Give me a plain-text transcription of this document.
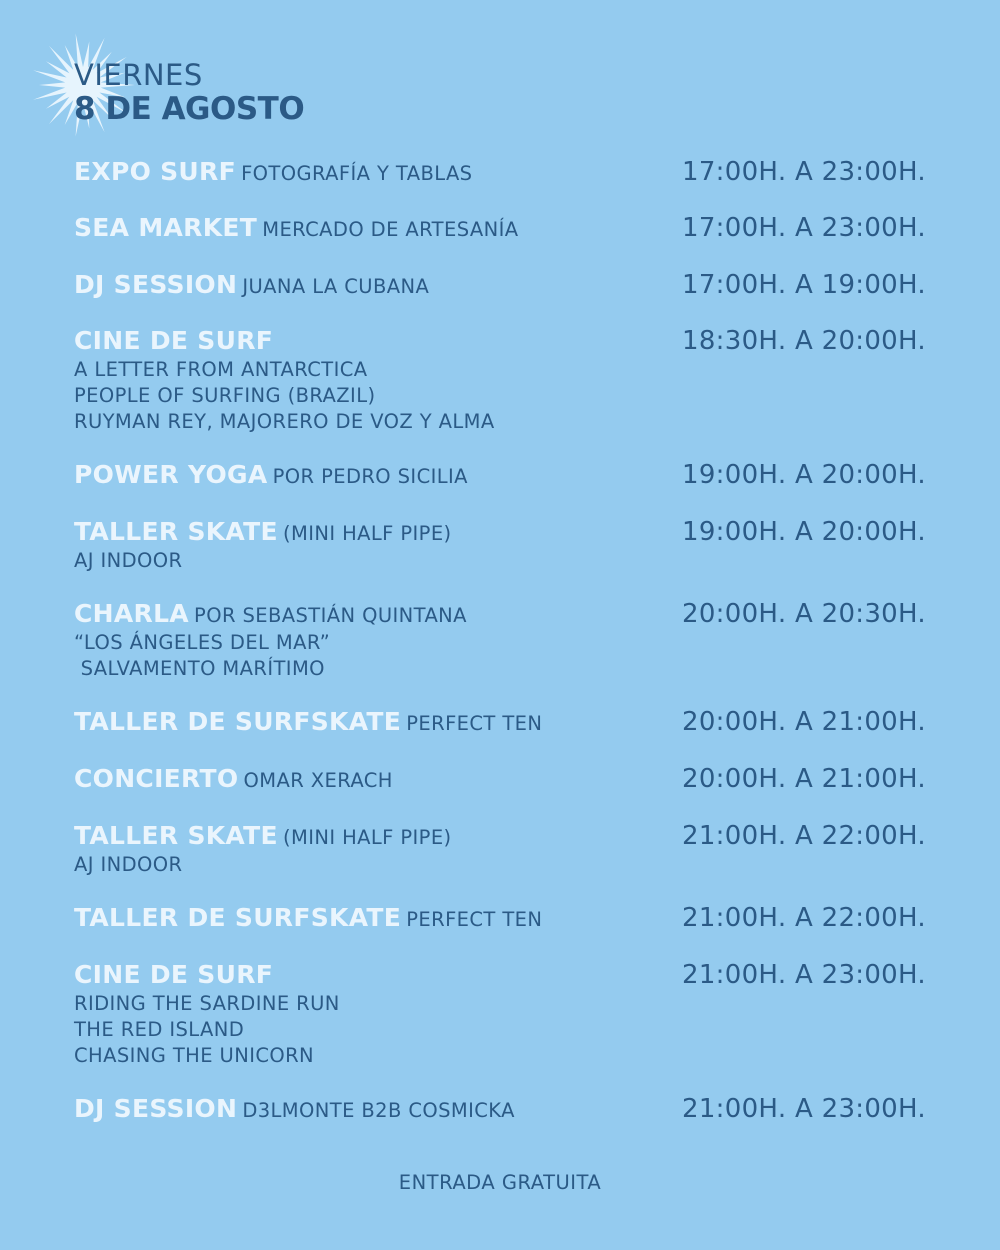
VIERNES
8 DE AGOSTO
EXPO SURF FOTOGRAFÍA Y TABLAS	17:00H. A 23:00H.
SEA MARKET MERCADO DE ARTESANÍA	17:00H. A 23:00H.
DJ SESSION JUANA LA CUBANA	17:00H. A 19:00H.
CINE DE SURF	18:30H. A 20:00H.
A LETTER FROM ANTARCTICA
PEOPLE OF SURFING (BRAZIL)
RUYMAN REY, MAJORERO DE VOZ Y ALMA
POWER YOGA POR PEDRO SICILIA	19:00H. A 20:00H.
TALLER SKATE (MINI HALF PIPE)	19:00H. A 20:00H.
AJ INDOOR
CHARLA POR SEBASTIÁN QUINTANA	20:00H. A 20:30H.
“LOS ÁNGELES DEL MAR”
SALVAMENTO MARÍTIMO
TALLER DE SURFSKATE PERFECT TEN	20:00H. A 21:00H.
CONCIERTO OMAR XERACH	20:00H. A 21:00H.
TALLER SKATE (MINI HALF PIPE)	21:00H. A 22:00H.
AJ INDOOR
TALLER DE SURFSKATE PERFECT TEN	21:00H. A 22:00H.
CINE DE SURF	21:00H. A 23:00H.
RIDING THE SARDINE RUN
THE RED ISLAND
CHASING THE UNICORN
DJ SESSION D3LMONTE B2B COSMICKA	21:00H. A 23:00H.
ENTRADA GRATUITA
